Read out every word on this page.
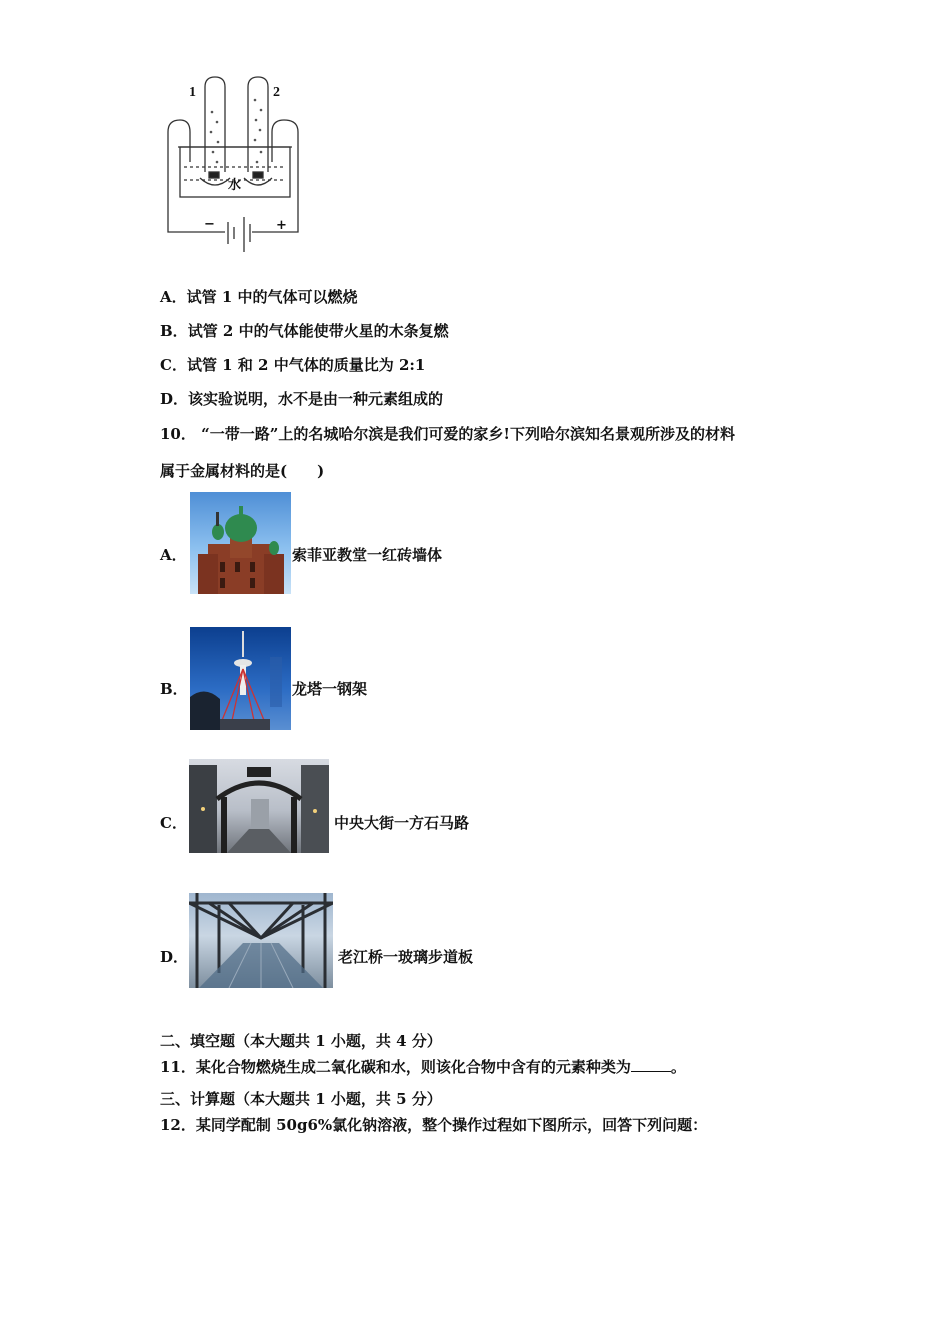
1	2
水
−	+
A．试管 1 中的气体可以燃烧
B．试管 2 中的气体能使带火星的木条复燃
C．试管 1 和 2 中气体的质量比为 2:1
D．该实验说明，水不是由一种元素组成的
10． “一带一路”上的名城哈尔滨是我们可爱的家乡!下列哈尔滨知名景观所涉及的材料
属于金属材料的是(　　)
A．	索菲亚教堂一红砖墙体
B．	龙塔一钢架
C．	中央大街一方石马路
D．	老江桥一玻璃步道板
二、填空题（本大题共 1 小题，共 4 分）
11．某化合物燃烧生成二氧化碳和水，则该化合物中含有的元素种类为	。
三、计算题（本大题共 1 小题，共 5 分）
12．某同学配制 50g6%氯化钠溶液，整个操作过程如下图所示，回答下列问题：
